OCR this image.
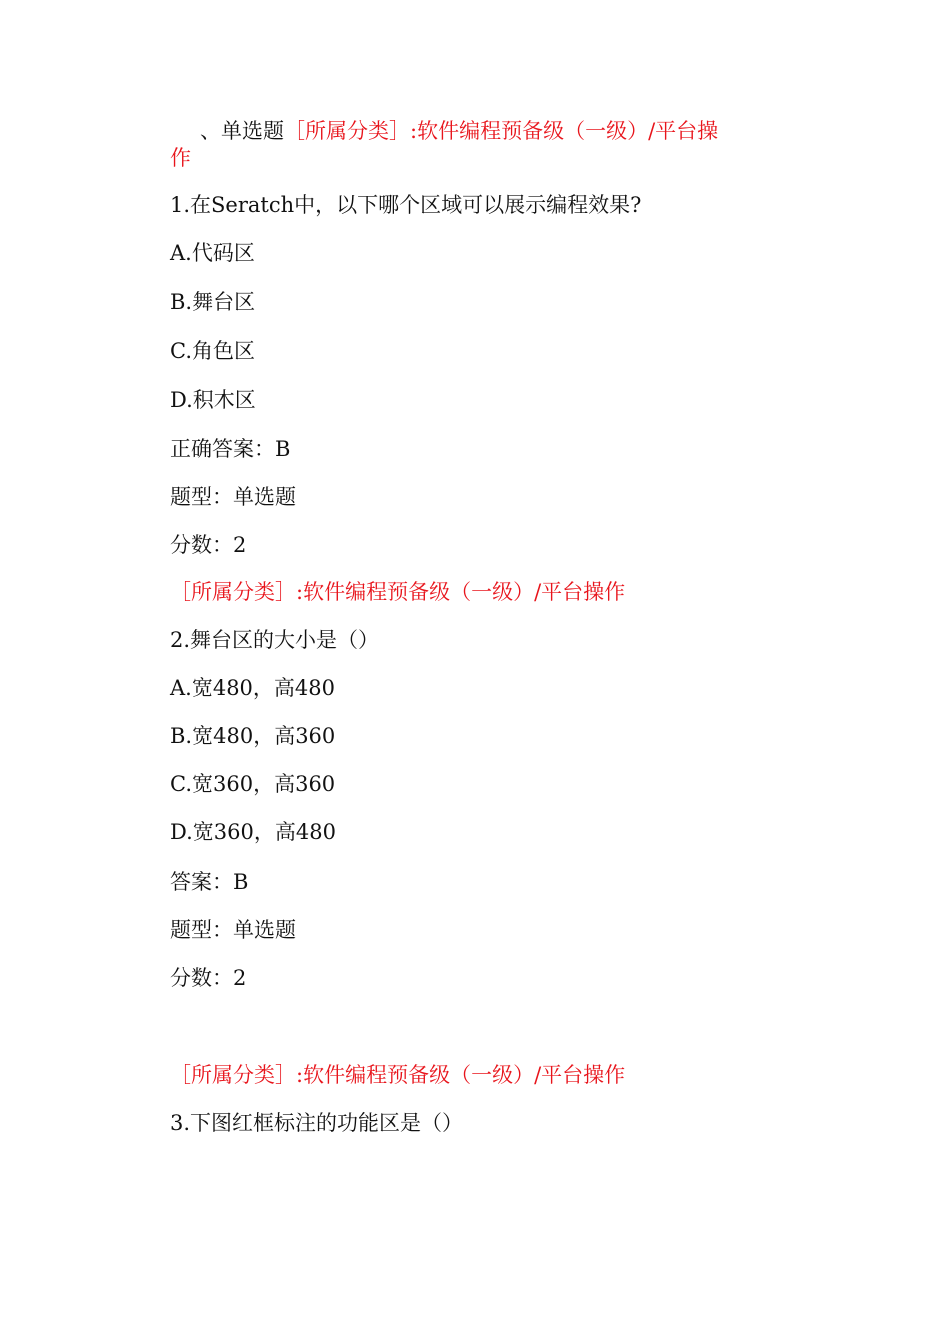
、单选题［所属分类］:软件编程预备级（一级）/平台操作
1.在Seratch中，以下哪个区域可以展示编程效果?
A.代码区
B.舞台区
C.角色区
D.积木区
正确答案：B
题型：单选题
分数：2
［所属分类］:软件编程预备级（一级）/平台操作
2.舞台区的大小是（）
A.宽480，高480
B.宽480，高360
C.宽360，高360
D.宽360，高480
答案：B
题型：单选题
分数：2
［所属分类］:软件编程预备级（一级）/平台操作
3.下图红框标注的功能区是（）
